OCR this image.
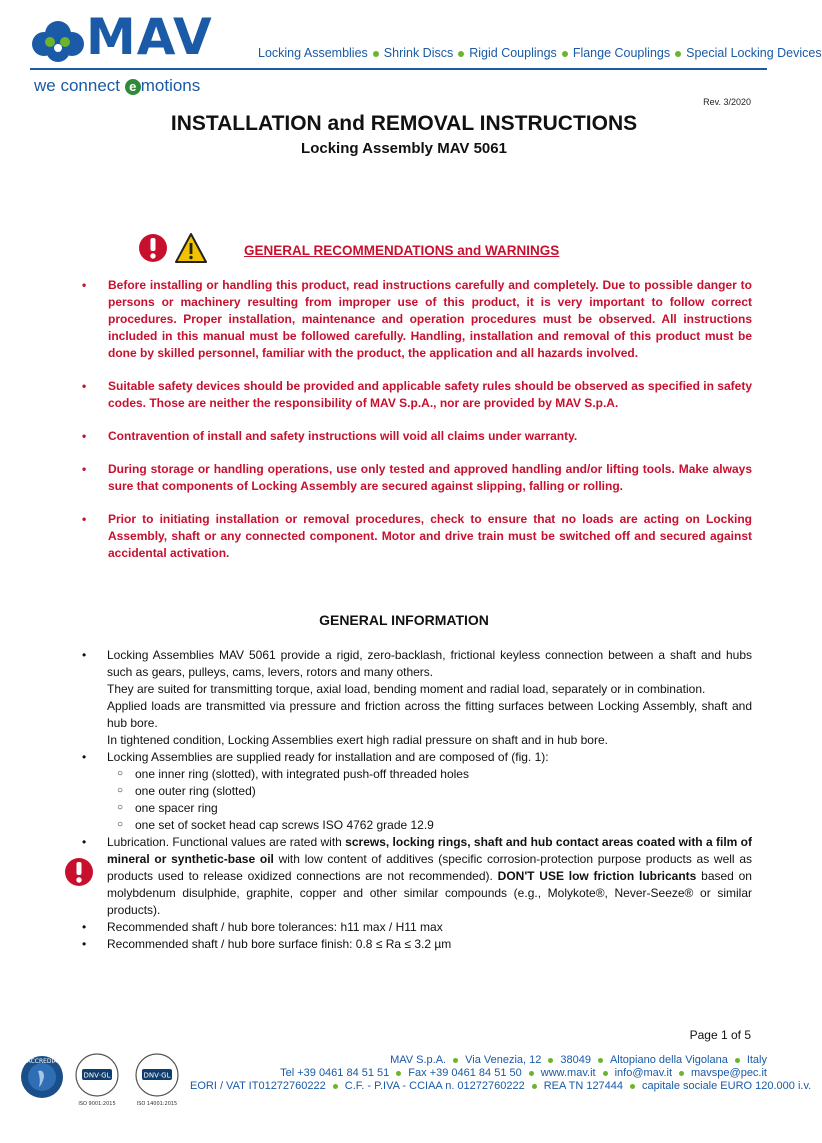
MAV	Locking Assemblies Shrink Discs Rigid Couplings Flange Couplings Special Locking Devices
we connect e motions
Rev. 3/2020
INSTALLATION and REMOVAL INSTRUCTIONS
Locking Assembly MAV 5061
GENERAL RECOMMENDATIONS and WARNINGS
• Before installing or handling this product, read instructions carefully and completely. Due to possible danger to persons or machinery resulting from improper use of this product, it is very important to follow correct procedures. Proper installation, maintenance and operation procedures must be observed. All instructions included in this manual must be followed carefully. Handling, installation and removal of this product must be done by skilled personnel, familiar with the product, the application and all hazards involved.
• Suitable safety devices should be provided and applicable safety rules should be observed as specified in safety codes. Those are neither the responsibility of MAV S.p.A., nor are provided by MAV S.p.A.
• Contravention of install and safety instructions will void all claims under warranty.
• During storage or handling operations, use only tested and approved handling and/or lifting tools. Make always sure that components of Locking Assembly are secured against slipping, falling or rolling.
• Prior to initiating installation or removal procedures, check to ensure that no loads are acting on Locking Assembly, shaft or any connected component. Motor and drive train must be switched off and secured against accidental activation.
GENERAL INFORMATION
• Locking Assemblies MAV 5061 provide a rigid, zero-backlash, frictional keyless connection between a shaft and hubs such as gears, pulleys, cams, levers, rotors and many others.

They are suited for transmitting torque, axial load, bending moment and radial load, separately or in combination.

Applied loads are transmitted via pressure and friction across the fitting surfaces between Locking Assembly, shaft and hub bore.

In tightened condition, Locking Assemblies exert high radial pressure on shaft and in hub bore.

• Locking Assemblies are supplied ready for installation and are composed of (fig. 1):

○ one inner ring (slotted), with integrated push-off threaded holes
○ one outer ring (slotted)
○ one spacer ring
○ one set of socket head cap screws ISO 4762 grade 12.9
• Lubrication. Functional values are rated with screws, locking rings, shaft and hub contact areas coated with a film of mineral or synthetic-base oil with low content of additives (specific corrosion-protection purpose products as well as products used to release oxidized connections are not recommended). DON'T USE low friction lubricants based on molybdenum disulphide, graphite, copper and other similar compounds (e.g., Molykote®, Never-Seeze® or similar products).

• Recommended shaft / hub bore tolerances: h11 max / H11 max
• Recommended shaft / hub bore surface finish: 0.8 ≤ Ra ≤ 3.2 µm
Page 1 of 5
ACCREDIA
DNV·GL
ISO 9001:2015
DNV·GL
ISO 14001:2015
MAV S.p.A. Via Venezia, 12 38049 Altopiano della Vigolana Italy
Tel +39 0461 84 51 51 Fax +39 0461 84 51 50 www.mav.it info@mav.it mavspe@pec.it
EORI / VAT IT01272760222 C.F. - P.IVA - CCIAA n. 01272760222 REA TN 127444 capitale sociale EURO 120.000 i.v.
